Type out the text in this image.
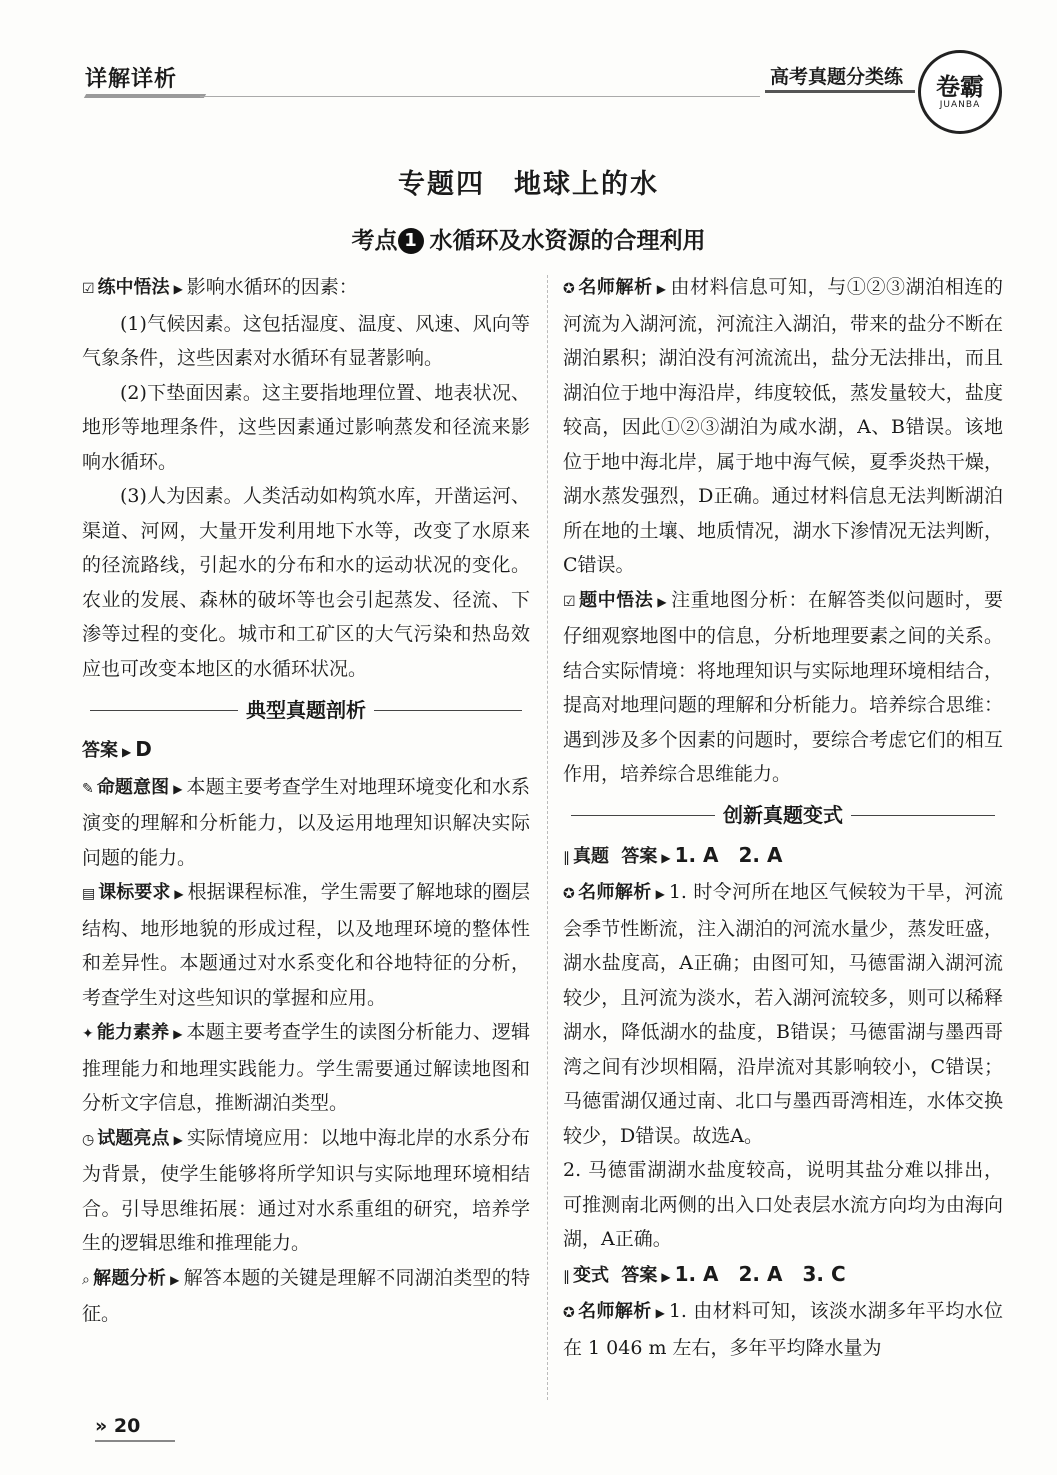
详解详析	高考真题分类练 卷霸
JUANBA
专题四　地球上的水
考点 1 水循环及水资源的合理利用

☑ 练中悟法 ▶ 影响水循环的因素：

(1)气候因素。这包括湿度、温度、风速、风向等气象条件，这些因素对水循环有显著影响。

(2)下垫面因素。这主要指地理位置、地表状况、地形等地理条件，这些因素通过影响蒸发和径流来影响水循环。

(3)人为因素。人类活动如构筑水库，开凿运河、渠道、河网，大量开发利用地下水等，改变了水原来的径流路线，引起水的分布和水的运动状况的变化。农业的发展、森林的破坏等也会引起蒸发、径流、下渗等过程的变化。城市和工矿区的大气污染和热岛效应也可改变本地区的水循环状况。

典型真题剖析

答案 ▶ D

✎ 命题意图 ▶ 本题主要考查学生对地理环境变化和水系演变的理解和分析能力，以及运用地理知识解决实际问题的能力。

▤ 课标要求 ▶ 根据课程标准，学生需要了解地球的圈层结构、地形地貌的形成过程，以及地理环境的整体性和差异性。本题通过对水系变化和谷地特征的分析，考查学生对这些知识的掌握和应用。

✦ 能力素养 ▶ 本题主要考查学生的读图分析能力、逻辑推理能力和地理实践能力。学生需要通过解读地图和分析文字信息，推断湖泊类型。

◷ 试题亮点 ▶ 实际情境应用：以地中海北岸的水系分布为背景，使学生能够将所学知识与实际地理环境相结合。引导思维拓展：通过对水系重组的研究，培养学生的逻辑思维和推理能力。

⌕ 解题分析 ▶ 解答本题的关键是理解不同湖泊类型的特征。

✪ 名师解析 ▶ 由材料信息可知，与①②③湖泊相连的河流为入湖河流，河流注入湖泊，带来的盐分不断在湖泊累积；湖泊没有河流流出，盐分无法排出，而且湖泊位于地中海沿岸，纬度较低，蒸发量较大，盐度较高，因此①②③湖泊为咸水湖，A、B错误。该地位于地中海北岸，属于地中海气候，夏季炎热干燥，湖水蒸发强烈，D正确。通过材料信息无法判断湖泊所在地的土壤、地质情况，湖水下渗情况无法判断，C错误。

☑ 题中悟法 ▶ 注重地图分析：在解答类似问题时，要仔细观察地图中的信息，分析地理要素之间的关系。结合实际情境：将地理知识与实际地理环境相结合，提高对地理问题的理解和分析能力。培养综合思维：遇到涉及多个因素的问题时，要综合考虑它们的相互作用，培养综合思维能力。

创新真题变式

∥ 真题 答案 ▶ 1. A　2. A

✪ 名师解析 ▶ 1. 时令河所在地区气候较为干旱，河流会季节性断流，注入湖泊的河流水量少，蒸发旺盛，湖水盐度高，A正确；由图可知，马德雷湖入湖河流较少，且河流为淡水，若入湖河流较多，则可以稀释湖水，降低湖水的盐度，B错误；马德雷湖与墨西哥湾之间有沙坝相隔，沿岸流对其影响较小，C错误；马德雷湖仅通过南、北口与墨西哥湾相连，水体交换较少，D错误。故选A。

2. 马德雷湖湖水盐度较高，说明其盐分难以排出，可推测南北两侧的出入口处表层水流方向均为由海向湖，A正确。

∥ 变式 答案 ▶ 1. A　2. A　3. C

✪ 名师解析 ▶ 1. 由材料可知，该淡水湖多年平均水位在 1 046 m 左右，多年平均降水量为

» 20
